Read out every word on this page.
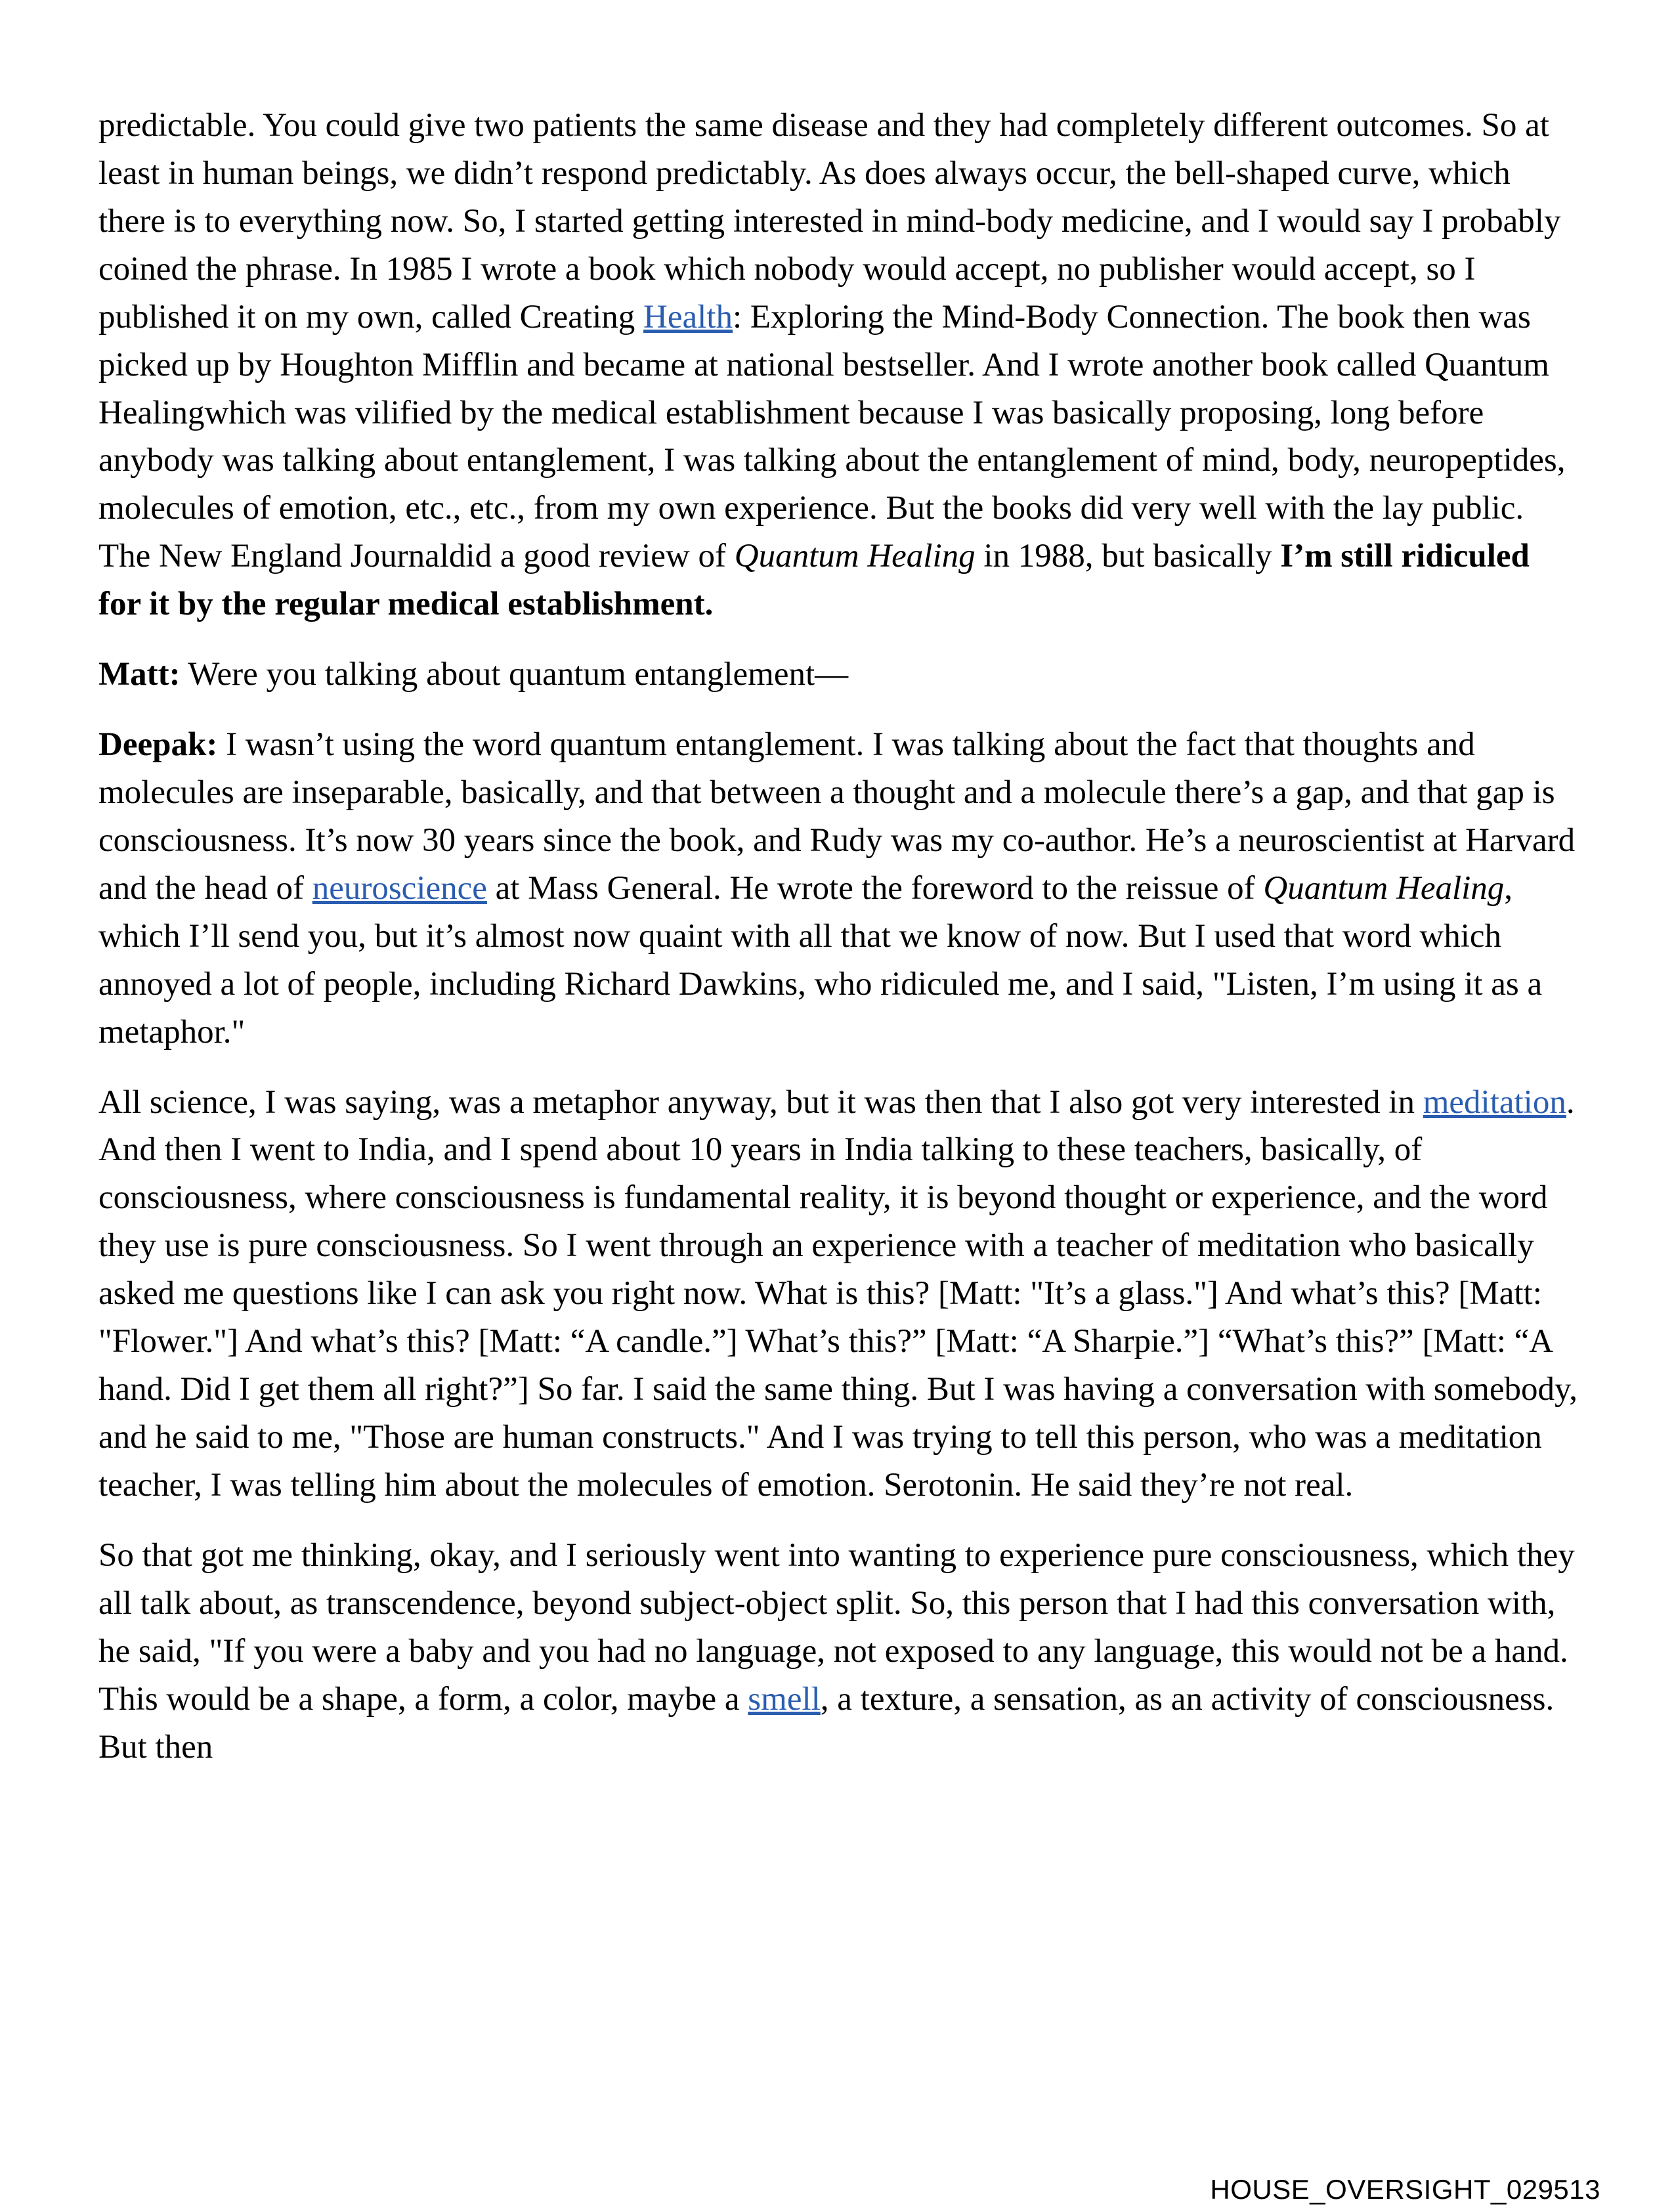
predictable. You could give two patients the same disease and they had completely different outcomes. So at least in human beings, we didn’t respond predictably. As does always occur, the bell-shaped curve, which there is to everything now. So, I started getting interested in mind-body medicine, and I would say I probably coined the phrase. In 1985 I wrote a book which nobody would accept, no publisher would accept, so I published it on my own, called Creating Health: Exploring the Mind-Body Connection. The book then was picked up by Houghton Mifflin and became at national bestseller. And I wrote another book called Quantum Healingwhich was vilified by the medical establishment because I was basically proposing, long before anybody was talking about entanglement, I was talking about the entanglement of mind, body, neuropeptides, molecules of emotion, etc., etc., from my own experience. But the books did very well with the lay public. The New England Journaldid a good review of Quantum Healing in 1988, but basically I’m still ridiculed for it by the regular medical establishment.

Matt: Were you talking about quantum entanglement—

Deepak: I wasn’t using the word quantum entanglement. I was talking about the fact that thoughts and molecules are inseparable, basically, and that between a thought and a molecule there’s a gap, and that gap is consciousness. It’s now 30 years since the book, and Rudy was my co-author. He’s a neuroscientist at Harvard and the head of neuroscience at Mass General. He wrote the foreword to the reissue of Quantum Healing, which I’ll send you, but it’s almost now quaint with all that we know of now. But I used that word which annoyed a lot of people, including Richard Dawkins, who ridiculed me, and I said, "Listen, I’m using it as a metaphor."

All science, I was saying, was a metaphor anyway, but it was then that I also got very interested in meditation. And then I went to India, and I spend about 10 years in India talking to these teachers, basically, of consciousness, where consciousness is fundamental reality, it is beyond thought or experience, and the word they use is pure consciousness. So I went through an experience with a teacher of meditation who basically asked me questions like I can ask you right now. What is this? [Matt: "It’s a glass."] And what’s this? [Matt: "Flower."] And what’s this? [Matt: “A candle.”] What’s this?” [Matt: “A Sharpie.”] “What’s this?” [Matt: “A hand. Did I get them all right?”] So far. I said the same thing. But I was having a conversation with somebody, and he said to me, "Those are human constructs." And I was trying to tell this person, who was a meditation teacher, I was telling him about the molecules of emotion. Serotonin. He said they’re not real.

So that got me thinking, okay, and I seriously went into wanting to experience pure consciousness, which they all talk about, as transcendence, beyond subject-object split. So, this person that I had this conversation with, he said, "If you were a baby and you had no language, not exposed to any language, this would not be a hand. This would be a shape, a form, a color, maybe a smell, a texture, a sensation, as an activity of consciousness. But then

HOUSE_OVERSIGHT_029513
